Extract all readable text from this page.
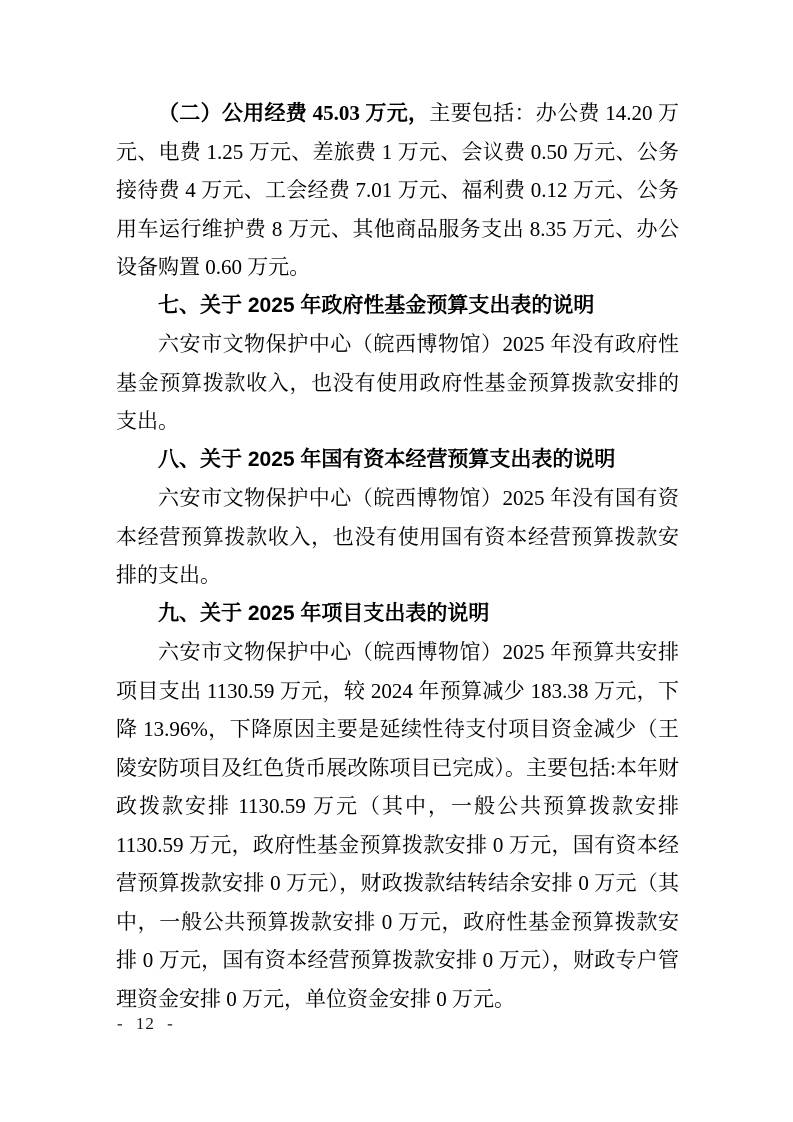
（二）公用经费 45.03 万元，主要包括：办公费 14.20 万元、电费 1.25 万元、差旅费 1 万元、会议费 0.50 万元、公务接待费 4 万元、工会经费 7.01 万元、福利费 0.12 万元、公务用车运行维护费 8 万元、其他商品服务支出 8.35 万元、办公设备购置 0.60 万元。

七、关于 2025 年政府性基金预算支出表的说明

六安市文物保护中心（皖西博物馆）2025 年没有政府性基金预算拨款收入，也没有使用政府性基金预算拨款安排的支出。

八、关于 2025 年国有资本经营预算支出表的说明

六安市文物保护中心（皖西博物馆）2025 年没有国有资本经营预算拨款收入，也没有使用国有资本经营预算拨款安排的支出。

九、关于 2025 年项目支出表的说明

六安市文物保护中心（皖西博物馆）2025 年预算共安排项目支出 1130.59 万元，较 2024 年预算减少 183.38 万元，下降 13.96%，下降原因主要是延续性待支付项目资金减少（王陵安防项目及红色货币展改陈项目已完成）。主要包括:本年财政拨款安排 1130.59 万元（其中，一般公共预算拨款安排 1130.59 万元，政府性基金预算拨款安排 0 万元，国有资本经营预算拨款安排 0 万元），财政拨款结转结余安排 0 万元（其中，一般公共预算拨款安排 0 万元，政府性基金预算拨款安排 0 万元，国有资本经营预算拨款安排 0 万元），财政专户管理资金安排 0 万元，单位资金安排 0 万元。

- 12 -
